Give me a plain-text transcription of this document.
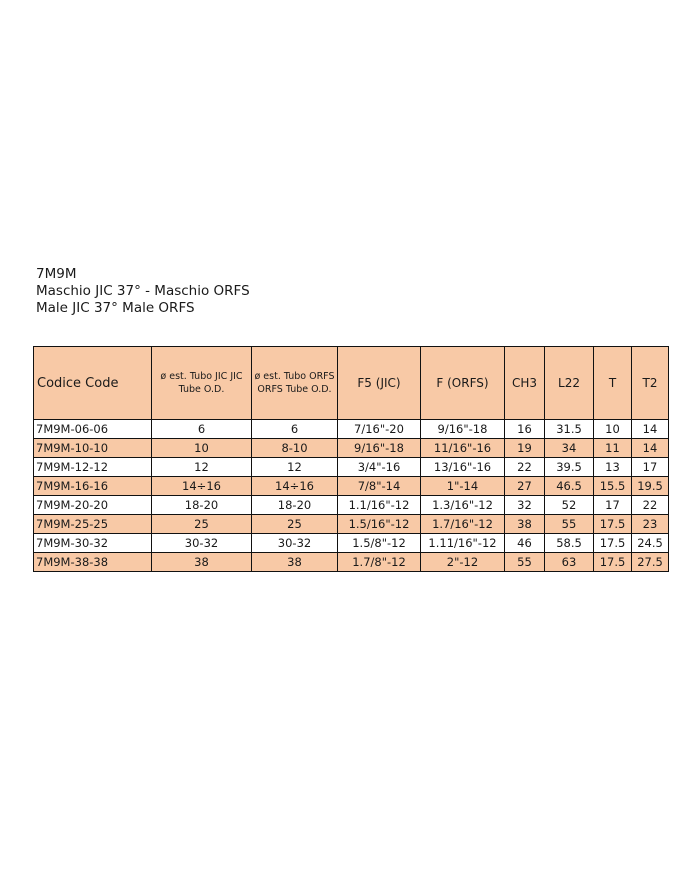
7M9M
Maschio JIC 37° - Maschio ORFS
Male JIC 37° Male ORFS
Codice Code	ø est. Tubo JIC JIC Tube O.D.	ø est. Tubo ORFS ORFS Tube O.D.	F5 (JIC)	F (ORFS)	CH3	L22	T	T2
7M9M-06-06	6	6	7/16"-20	9/16"-18	16	31.5	10	14
7M9M-10-10	10	8-10	9/16"-18	11/16"-16	19	34	11	14
7M9M-12-12	12	12	3/4"-16	13/16"-16	22	39.5	13	17
7M9M-16-16	14÷16	14÷16	7/8"-14	1"-14	27	46.5	15.5	19.5
7M9M-20-20	18-20	18-20	1.1/16"-12	1.3/16"-12	32	52	17	22
7M9M-25-25	25	25	1.5/16"-12	1.7/16"-12	38	55	17.5	23
7M9M-30-32	30-32	30-32	1.5/8"-12	1.11/16"-12	46	58.5	17.5	24.5
7M9M-38-38	38	38	1.7/8"-12	2"-12	55	63	17.5	27.5
